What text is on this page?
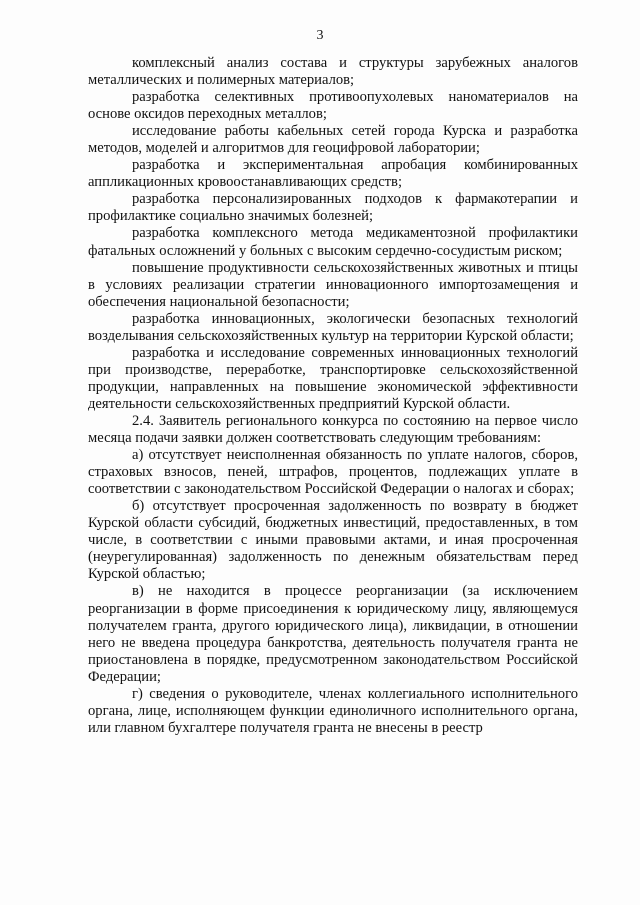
3

комплексный анализ состава и структуры зарубежных аналогов металлических и полимерных материалов;

разработка селективных противоопухолевых наноматериалов на основе оксидов переходных металлов;

исследование работы кабельных сетей города Курска и разработка методов, моделей и алгоритмов для геоцифровой лаборатории;

разработка и экспериментальная апробация комбинированных аппликационных кровоостанавливающих средств;

разработка персонализированных подходов к фармакотерапии и профилактике социально значимых болезней;

разработка комплексного метода медикаментозной профилактики фатальных осложнений у больных с высоким сердечно-сосудистым риском;

повышение продуктивности сельскохозяйственных животных и птицы в условиях реализации стратегии инновационного импортозамещения и обеспечения национальной безопасности;

разработка инновационных, экологически безопасных технологий возделывания сельскохозяйственных культур на территории Курской области;

разработка и исследование современных инновационных технологий при производстве, переработке, транспортировке сельскохозяйственной продукции, направленных на повышение экономической эффективности деятельности сельскохозяйственных предприятий Курской области.

2.4. Заявитель регионального конкурса по состоянию на первое число месяца подачи заявки должен соответствовать следующим требованиям:

а) отсутствует неисполненная обязанность по уплате налогов, сборов, страховых взносов, пеней, штрафов, процентов, подлежащих уплате в соответствии с законодательством Российской Федерации о налогах и сборах;

б) отсутствует просроченная задолженность по возврату в бюджет Курской области субсидий, бюджетных инвестиций, предоставленных, в том числе, в соответствии с иными правовыми актами, и иная просроченная (неурегулированная) задолженность по денежным обязательствам перед Курской областью;

в) не находится в процессе реорганизации (за исключением реорганизации в форме присоединения к юридическому лицу, являющемуся получателем гранта, другого юридического лица), ликвидации, в отношении него не введена процедура банкротства, деятельность получателя гранта не приостановлена в порядке, предусмотренном законодательством Российской Федерации;

г) сведения о руководителе, членах коллегиального исполнительного органа, лице, исполняющем функции единоличного исполнительного органа, или главном бухгалтере получателя гранта не внесены в реестр
